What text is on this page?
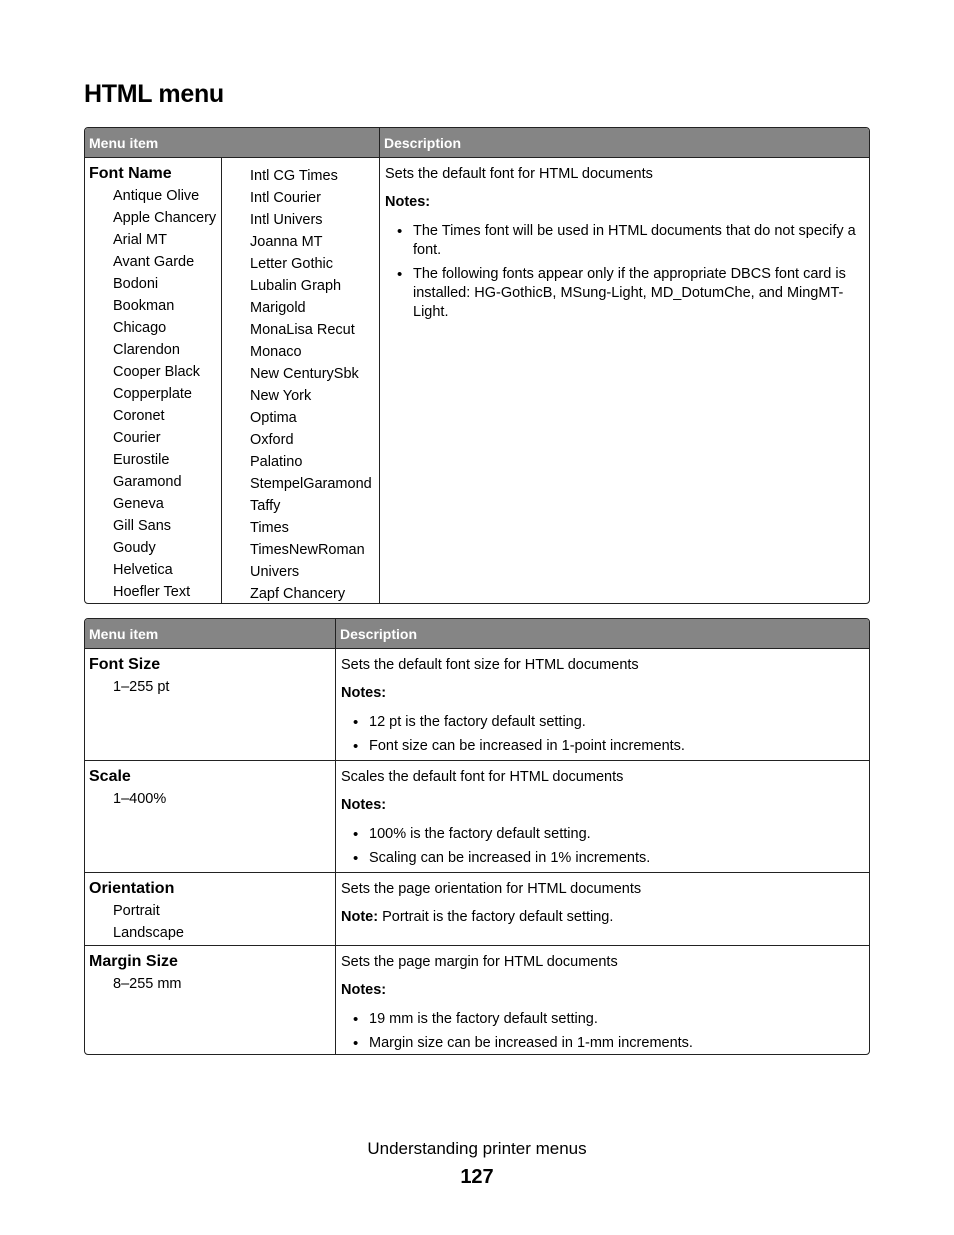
HTML menu
Menu item	Description
Font Name
Antique Olive
Apple Chancery
Arial MT
Avant Garde
Bodoni
Bookman
Chicago
Clarendon
Cooper Black
Copperplate
Coronet
Courier
Eurostile
Garamond
Geneva
Gill Sans
Goudy
Helvetica
Hoefler Text
Intl CG Times
Intl Courier
Intl Univers
Joanna MT
Letter Gothic
Lubalin Graph
Marigold
MonaLisa Recut
Monaco
New CenturySbk
New York
Optima
Oxford
Palatino
StempelGaramond
Taffy
Times
TimesNewRoman
Univers
Zapf Chancery

Sets the default font for HTML documents

Notes:

• The Times font will be used in HTML documents that do not specify a font.
• The following fonts appear only if the appropriate DBCS font card is installed: HG-GothicB, MSung-Light, MD_DotumChe, and MingMT-Light.
Menu item	Description
Font Size
1–255 pt

Sets the default font size for HTML documents

Notes:

• 12 pt is the factory default setting.
• Font size can be increased in 1-point increments.
Scale
1–400%

Scales the default font for HTML documents

Notes:

• 100% is the factory default setting.
• Scaling can be increased in 1% increments.
Orientation
Portrait
Landscape

Sets the page orientation for HTML documents

Note: Portrait is the factory default setting.

Margin Size
8–255 mm

Sets the page margin for HTML documents

Notes:

• 19 mm is the factory default setting.
• Margin size can be increased in 1-mm increments.
Understanding printer menus
127
